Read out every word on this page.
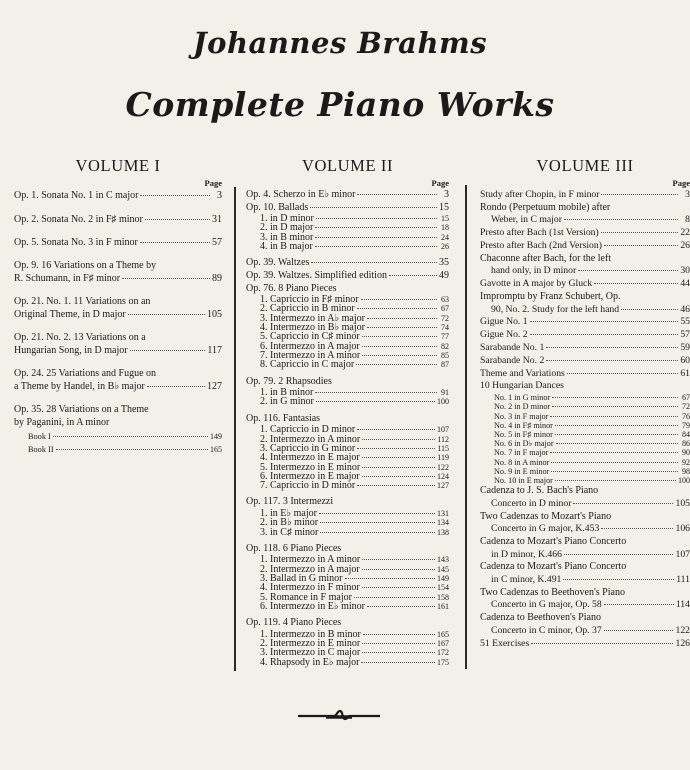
Johannes Brahms
Complete Piano Works
VOLUME I
Page
Op. 1. Sonata No. 1 in C major	3
Op. 2. Sonata No. 2 in F♯ minor	31
Op. 5. Sonata No. 3 in F minor	57
Op. 9. 16 Variations on a Theme by
R. Schumann, in F♯ minor	89
Op. 21. No. 1. 11 Variations on an
Original Theme, in D major	105
Op. 21. No. 2. 13 Variations on a
Hungarian Song, in D major	117
Op. 24. 25 Variations and Fugue on
a Theme by Handel, in B♭ major	127
Op. 35. 28 Variations on a Theme
by Paganini, in A minor
Book I	149
Book II	165
VOLUME II
Page
Op. 4. Scherzo in E♭ minor	3
Op. 10. Ballads	15
1. in D minor	15
2. in D major	18
3. in B minor	24
4. in B major	26
Op. 39. Waltzes	35
Op. 39. Waltzes. Simplified edition	49
Op. 76. 8 Piano Pieces
1. Capriccio in F♯ minor	63
2. Capriccio in B minor	67
3. Intermezzo in A♭ major	72
4. Intermezzo in B♭ major	74
5. Capriccio in C♯ minor	77
6. Intermezzo in A major	82
7. Intermezzo in A minor	85
8. Capriccio in C major	87
Op. 79. 2 Rhapsodies
1. in B minor	91
2. in G minor	100
Op. 116. Fantasias
1. Capriccio in D minor	107
2. Intermezzo in A minor	112
3. Capriccio in G minor	115
4. Intermezzo in E major	119
5. Intermezzo in E minor	122
6. Intermezzo in E major	124
7. Capriccio in D minor	127
Op. 117. 3 Intermezzi
1. in E♭ major	131
2. in B♭ minor	134
3. in C♯ minor	138
Op. 118. 6 Piano Pieces
1. Intermezzo in A minor	143
2. Intermezzo in A major	145
3. Ballad in G minor	149
4. Intermezzo in F minor	154
5. Romance in F major	158
6. Intermezzo in E♭ minor	161
Op. 119. 4 Piano Pieces
1. Intermezzo in B minor	165
2. Intermezzo in E minor	167
3. Intermezzo in C major	172
4. Rhapsody in E♭ major	175
VOLUME III
Page
Study after Chopin, in F minor	3
Rondo (Perpetuum mobile) after
Weber, in C major	8
Presto after Bach (1st Version)	22
Presto after Bach (2nd Version)	26
Chaconne after Bach, for the left
hand only, in D minor	30
Gavotte in A major by Gluck	44
Impromptu by Franz Schubert, Op.
90, No. 2. Study for the left hand	46
Gigue No. 1	55
Gigue No. 2	57
Sarabande No. 1	59
Sarabande No. 2	60
Theme and Variations	61
10 Hungarian Dances
No. 1 in G minor	67
No. 2 in D minor	72
No. 3 in F major	76
No. 4 in F♯ minor	79
No. 5 in F♯ minor	84
No. 6 in D♭ major	86
No. 7 in F major	90
No. 8 in A minor	92
No. 9 in E minor	98
No. 10 in E major	100
Cadenza to J. S. Bach's Piano
Concerto in D minor	105
Two Cadenzas to Mozart's Piano
Concerto in G major, K.453	106
Cadenza to Mozart's Piano Concerto
in D minor, K.466	107
Cadenza to Mozart's Piano Concerto
in C minor, K.491	111
Two Cadenzas to Beethoven's Piano
Concerto in G major, Op. 58	114
Cadenza to Beethoven's Piano
Concerto in C minor, Op. 37	122
51 Exercises	126
